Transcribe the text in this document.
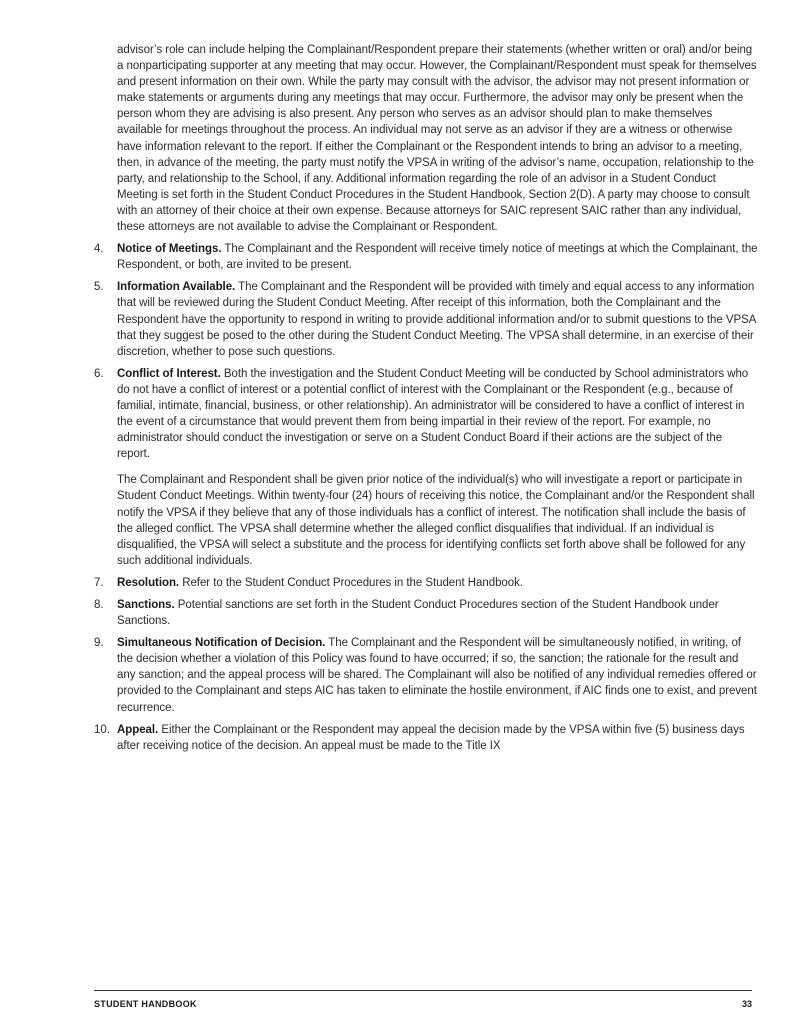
advisor’s role can include helping the Complainant/Respondent prepare their statements (whether written or oral) and/or being a nonparticipating supporter at any meeting that may occur. However, the Complainant/Respondent must speak for themselves and present information on their own. While the party may consult with the advisor, the advisor may not present information or make statements or arguments during any meetings that may occur. Furthermore, the advisor may only be present when the person whom they are advising is also present. Any person who serves as an advisor should plan to make themselves available for meetings throughout the process. An individual may not serve as an advisor if they are a witness or otherwise have information relevant to the report. If either the Complainant or the Respondent intends to bring an advisor to a meeting, then, in advance of the meeting, the party must notify the VPSA in writing of the advisor’s name, occupation, relationship to the party, and relationship to the School, if any. Additional information regarding the role of an advisor in a Student Conduct Meeting is set forth in the Student Conduct Procedures in the Student Handbook, Section 2(D). A party may choose to consult with an attorney of their choice at their own expense. Because attorneys for SAIC represent SAIC rather than any individual, these attorneys are not available to advise the Complainant or Respondent.

4.	Notice of Meetings. The Complainant and the Respondent will receive timely notice of meetings at which the Complainant, the Respondent, or both, are invited to be present.
5.	Information Available. The Complainant and the Respondent will be provided with timely and equal access to any information that will be reviewed during the Student Conduct Meeting. After receipt of this information, both the Complainant and the Respondent have the opportunity to respond in writing to provide additional information and/or to submit questions to the VPSA that they suggest be posed to the other during the Student Conduct Meeting. The VPSA shall determine, in an exercise of their discretion, whether to pose such questions.
6.	Conflict of Interest. Both the investigation and the Student Conduct Meeting will be conducted by School administrators who do not have a conflict of interest or a potential conflict of interest with the Complainant or the Respondent (e.g., because of familial, intimate, financial, business, or other relationship). An administrator will be considered to have a conflict of interest in the event of a circumstance that would prevent them from being impartial in their review of the report. For example, no administrator should conduct the investigation or serve on a Student Conduct Board if their actions are the subject of the report.

The Complainant and Respondent shall be given prior notice of the individual(s) who will investigate a report or participate in Student Conduct Meetings. Within twenty-four (24) hours of receiving this notice, the Complainant and/or the Respondent shall notify the VPSA if they believe that any of those individuals has a conflict of interest. The notification shall include the basis of the alleged conflict. The VPSA shall determine whether the alleged conflict disqualifies that individual. If an individual is disqualified, the VPSA will select a substitute and the process for identifying conflicts set forth above shall be followed for any such additional individuals.

7.	Resolution. Refer to the Student Conduct Procedures in the Student Handbook.
8.	Sanctions. Potential sanctions are set forth in the Student Conduct Procedures section of the Student Handbook under Sanctions.
9.	Simultaneous Notification of Decision. The Complainant and the Respondent will be simultaneously notified, in writing, of the decision whether a violation of this Policy was found to have occurred; if so, the sanction; the rationale for the result and any sanction; and the appeal process will be shared. The Complainant will also be notified of any individual remedies offered or provided to the Complainant and steps AIC has taken to eliminate the hostile environment, if AIC finds one to exist, and prevent recurrence.
10. Appeal. Either the Complainant or the Respondent may appeal the decision made by the VPSA within five (5) business days after receiving notice of the decision. An appeal must be made to the Title IX
STUDENT HANDBOOK	33
